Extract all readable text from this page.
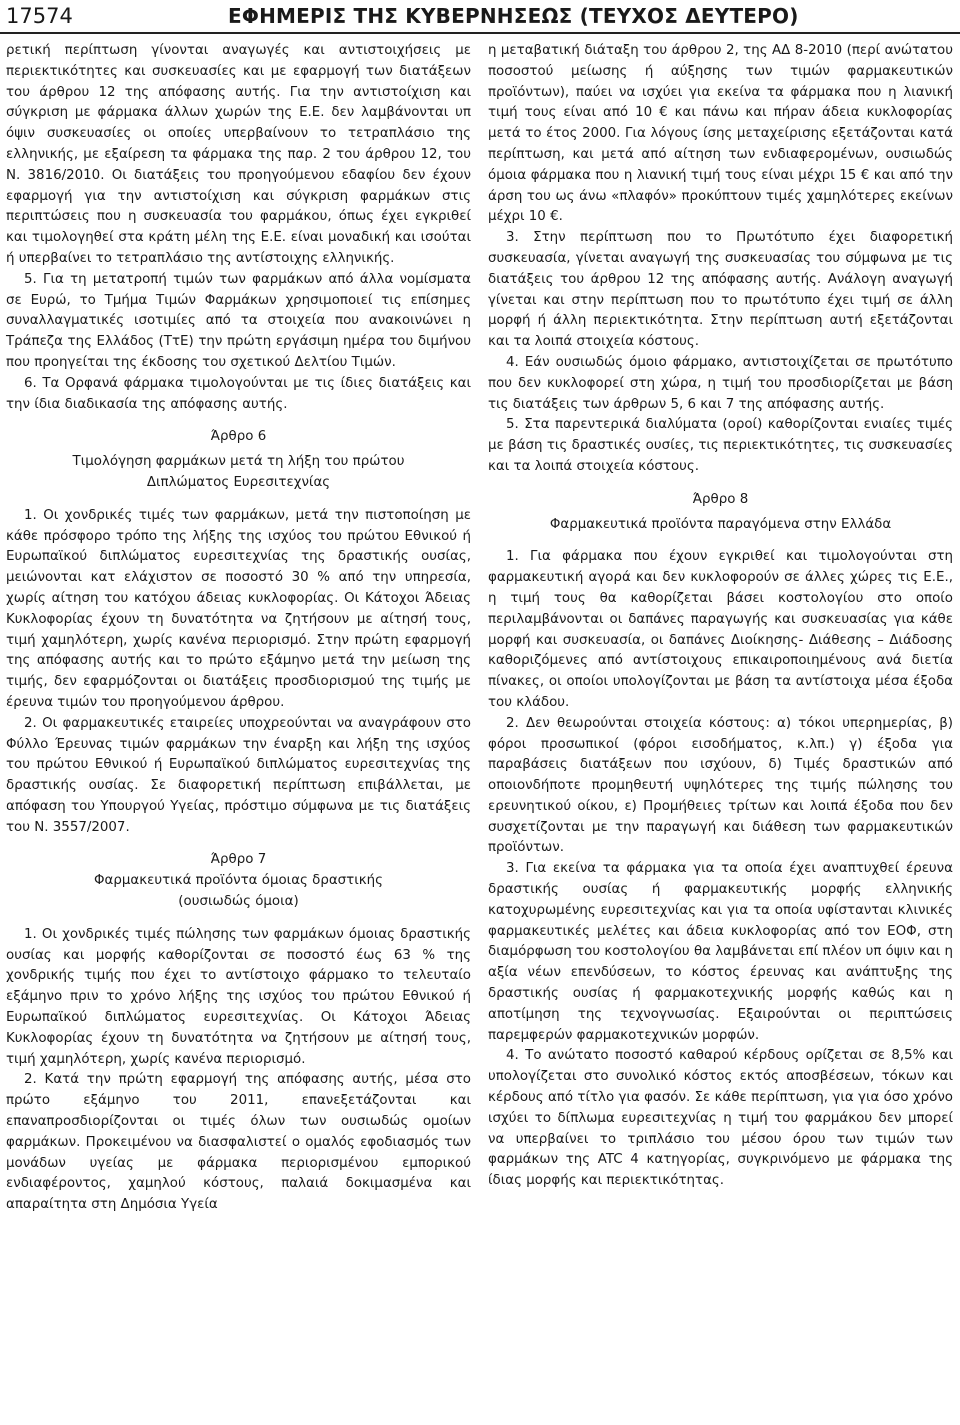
17574	ΕΦΗΜΕΡΙΣ ΤΗΣ ΚΥΒΕΡΝΗΣΕΩΣ (ΤΕΥΧΟΣ ΔΕΥΤΕΡΟ)

ρετική περίπτωση γίνονται αναγωγές και αντιστοιχήσεις με περιεκτικότητες και συσκευασίες και με εφαρμογή των διατάξεων του άρθρου 12 της απόφασης αυτής. Για την αντιστοίχιση και σύγκριση με φάρμακα άλλων χωρών της Ε.Ε. δεν λαμβάνονται υπ όψιν συσκευασίες οι οποίες υπερβαίνουν το τετραπλάσιο της ελληνικής, με εξαίρεση τα φάρμακα της παρ. 2 του άρθρου 12, του Ν. 3816/2010. Οι διατάξεις του προηγούμενου εδαφίου δεν έχουν εφαρμογή για την αντιστοίχιση και σύγκριση φαρμάκων στις περιπτώσεις που η συσκευασία του φαρμάκου, όπως έχει εγκριθεί και τιμολογηθεί στα κράτη μέλη της Ε.Ε. είναι μοναδική και ισούται ή υπερβαίνει το τετραπλάσιο της αντίστοιχης ελληνικής.

5. Για τη μετατροπή τιμών των φαρμάκων από άλλα νομίσματα σε Ευρώ, το Τμήμα Τιμών Φαρμάκων χρησιμοποιεί τις επίσημες συναλλαγματικές ισοτιμίες από τα στοιχεία που ανακοινώνει η Τράπεζα της Ελλάδος (ΤτΕ) την πρώτη εργάσιμη ημέρα του διμήνου που προηγείται της έκδοσης του σχετικού Δελτίου Τιμών.

6. Τα Ορφανά φάρμακα τιμολογούνται με τις ίδιες διατάξεις και την ίδια διαδικασία της απόφασης αυτής.

Άρθρο 6

Τιμολόγηση φαρμάκων μετά τη λήξη του πρώτου

Διπλώματος Ευρεσιτεχνίας

1. Οι χονδρικές τιμές των φαρμάκων, μετά την πιστοποίηση με κάθε πρόσφορο τρόπο της λήξης της ισχύος του πρώτου Εθνικού ή Ευρωπαϊκού διπλώματος ευρεσιτεχνίας της δραστικής ουσίας, μειώνονται κατ ελάχιστον σε ποσοστό 30 % από την υπηρεσία, χωρίς αίτηση του κατόχου άδειας κυκλοφορίας. Οι Κάτοχοι Άδειας Κυκλοφορίας έχουν τη δυνατότητα να ζητήσουν με αίτησή τους, τιμή χαμηλότερη, χωρίς κανένα περιορισμό. Στην πρώτη εφαρμογή της απόφασης αυτής και το πρώτο εξάμηνο μετά την μείωση της τιμής, δεν εφαρμόζονται οι διατάξεις προσδιορισμού της τιμής με έρευνα τιμών του προηγούμενου άρθρου.

2. Οι φαρμακευτικές εταιρείες υποχρεούνται να αναγράφουν στο Φύλλο Έρευνας τιμών φαρμάκων την έναρξη και λήξη της ισχύος του πρώτου Εθνικού ή Ευρωπαϊκού διπλώματος ευρεσιτεχνίας της δραστικής ουσίας. Σε διαφορετική περίπτωση επιβάλλεται, με απόφαση του Υπουργού Υγείας, πρόστιμο σύμφωνα με τις διατάξεις του Ν. 3557/2007.

Άρθρο 7

Φαρμακευτικά προϊόντα όμοιας δραστικής

(ουσιωδώς όμοια)

1. Οι χονδρικές τιμές πώλησης των φαρμάκων όμοιας δραστικής ουσίας και μορφής καθορίζονται σε ποσοστό έως 63 % της χονδρικής τιμής που έχει το αντίστοιχο φάρμακο το τελευταίο εξάμηνο πριν το χρόνο λήξης της ισχύος του πρώτου Εθνικού ή Ευρωπαϊκού διπλώματος ευρεσιτεχνίας. Οι Κάτοχοι Άδειας Κυκλοφορίας έχουν τη δυνατότητα να ζητήσουν με αίτησή τους, τιμή χαμηλότερη, χωρίς κανένα περιορισμό.

2. Κατά την πρώτη εφαρμογή της απόφασης αυτής, μέσα στο πρώτο εξάμηνο του 2011, επανεξετάζονται και επαναπροσδιορίζονται οι τιμές όλων των ουσιωδώς ομοίων φαρμάκων. Προκειμένου να διασφαλιστεί ο ομαλός εφοδιασμός των μονάδων υγείας με φάρμακα περιορισμένου εμπορικού ενδιαφέροντος, χαμηλού κόστους, παλαιά δοκιμασμένα και απαραίτητα στη Δημόσια Υγεία

η μεταβατική διάταξη του άρθρου 2, της ΑΔ 8‑2010 (περί ανώτατου ποσοστού μείωσης ή αύξησης των τιμών φαρμακευτικών προϊόντων), παύει να ισχύει για εκείνα τα φάρμακα που η λιανική τιμή τους είναι από 10 € και πάνω και πήραν άδεια κυκλοφορίας μετά το έτος 2000. Για λόγους ίσης μεταχείρισης εξετάζονται κατά περίπτωση, και μετά από αίτηση των ενδιαφερομένων, ουσιωδώς όμοια φάρμακα που η λιανική τιμή τους είναι μέχρι 15 € και από την άρση του ως άνω «πλαφόν» προκύπτουν τιμές χαμηλότερες εκείνων μέχρι 10 €.

3. Στην περίπτωση που το Πρωτότυπο έχει διαφορετική συσκευασία, γίνεται αναγωγή της συσκευασίας του σύμφωνα με τις διατάξεις του άρθρου 12 της απόφασης αυτής. Ανάλογη αναγωγή γίνεται και στην περίπτωση που το πρωτότυπο έχει τιμή σε άλλη μορφή ή άλλη περιεκτικότητα. Στην περίπτωση αυτή εξετάζονται και τα λοιπά στοιχεία κόστους.

4. Εάν ουσιωδώς όμοιο φάρμακο, αντιστοιχίζεται σε πρωτότυπο που δεν κυκλοφορεί στη χώρα, η τιμή του προσδιορίζεται με βάση τις διατάξεις των άρθρων 5, 6 και 7 της απόφασης αυτής.

5. Στα παρεντερικά διαλύματα (οροί) καθορίζονται ενιαίες τιμές με βάση τις δραστικές ουσίες, τις περιεκτικότητες, τις συσκευασίες και τα λοιπά στοιχεία κόστους.

Άρθρο 8

Φαρμακευτικά προϊόντα παραγόμενα στην Ελλάδα

1. Για φάρμακα που έχουν εγκριθεί και τιμολογούνται στη φαρμακευτική αγορά και δεν κυκλοφορούν σε άλλες χώρες τις Ε.Ε., η τιμή τους θα καθορίζεται βάσει κοστολογίου στο οποίο περιλαμβάνονται οι δαπάνες παραγωγής και συσκευασίας για κάθε μορφή και συσκευασία, οι δαπάνες Διοίκησης‑ Διάθεσης – Διάδοσης καθοριζόμενες από αντίστοιχους επικαιροποιημένους ανά διετία πίνακες, οι οποίοι υπολογίζονται με βάση τα αντίστοιχα μέσα έξοδα του κλάδου.

2. Δεν θεωρούνται στοιχεία κόστους: α) τόκοι υπερημερίας, β) φόροι προσωπικοί (φόροι εισοδήματος, κ.λπ.) γ) έξοδα για παραβάσεις διατάξεων που ισχύουν, δ) Τιμές δραστικών από οποιονδήποτε προμηθευτή υψηλότερες της τιμής πώλησης του ερευνητικού οίκου, ε) Προμήθειες τρίτων και λοιπά έξοδα που δεν συσχετίζονται με την παραγωγή και διάθεση των φαρμακευτικών προϊόντων.

3. Για εκείνα τα φάρμακα για τα οποία έχει αναπτυχθεί έρευνα δραστικής ουσίας ή φαρμακευτικής μορφής ελληνικής κατοχυρωμένης ευρεσιτεχνίας και για τα οποία υφίστανται κλινικές φαρμακευτικές μελέτες και άδεια κυκλοφορίας από τον ΕΟΦ, στη διαμόρφωση του κοστολογίου θα λαμβάνεται επί πλέον υπ όψιν και η αξία νέων επενδύσεων, το κόστος έρευνας και ανάπτυξης της δραστικής ουσίας ή φαρμακοτεχνικής μορφής καθώς και η αποτίμηση της τεχνογνωσίας. Εξαιρούνται οι περιπτώσεις παρεμφερών φαρμακοτεχνικών μορφών.

4. Το ανώτατο ποσοστό καθαρού κέρδους ορίζεται σε 8,5% και υπολογίζεται στο συνολικό κόστος εκτός αποσβέσεων, τόκων και κέρδους από τίτλο για φασόν. Σε κάθε περίπτωση, για για όσο χρόνο ισχύει το δίπλωμα ευρεσιτεχνίας η τιμή του φαρμάκου δεν μπορεί να υπερβαίνει το τριπλάσιο του μέσου όρου των τιμών των φαρμάκων της ATC 4 κατηγορίας, συγκρινόμενο με φάρμακα της ίδιας μορφής και περιεκτικότητας.
